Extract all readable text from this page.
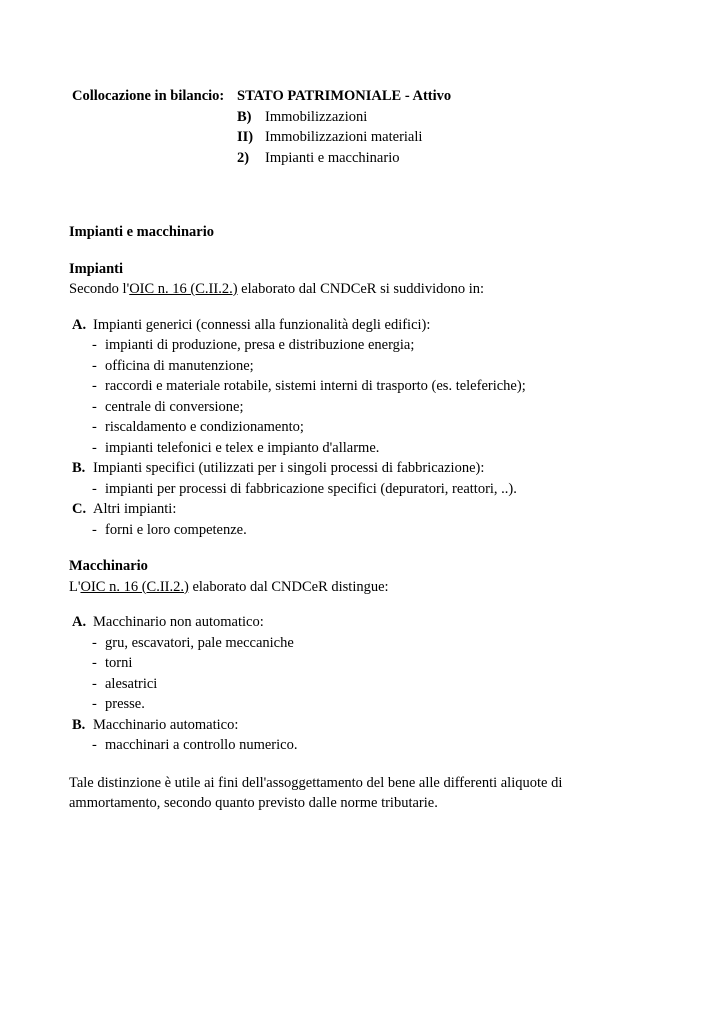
Collocazione in bilancio: STATO PATRIMONIALE - Attivo
B) Immobilizzazioni
II) Immobilizzazioni materiali
2) Impianti e macchinario
Impianti e macchinario
Impianti
Secondo l'OIC n. 16 (C.II.2.) elaborato dal CNDCeR si suddividono in:
A. Impianti generici (connessi alla funzionalità degli edifici):
- impianti di produzione, presa e distribuzione energia;
- officina di manutenzione;
- raccordi e materiale rotabile, sistemi interni di trasporto (es. teleferiche);
- centrale di conversione;
- riscaldamento e condizionamento;
- impianti telefonici e telex e impianto d'allarme.
B. Impianti specifici (utilizzati per i singoli processi di fabbricazione):
- impianti per processi di fabbricazione specifici (depuratori, reattori, ..).
C. Altri impianti:
- forni e loro competenze.
Macchinario
L'OIC n. 16 (C.II.2.) elaborato dal CNDCeR distingue:
A. Macchinario non automatico:
- gru, escavatori, pale meccaniche
- torni
- alesatrici
- presse.
B. Macchinario automatico:
- macchinari a controllo numerico.
Tale distinzione è utile ai fini dell'assoggettamento del bene alle differenti aliquote di
ammortamento, secondo quanto previsto dalle norme tributarie.
